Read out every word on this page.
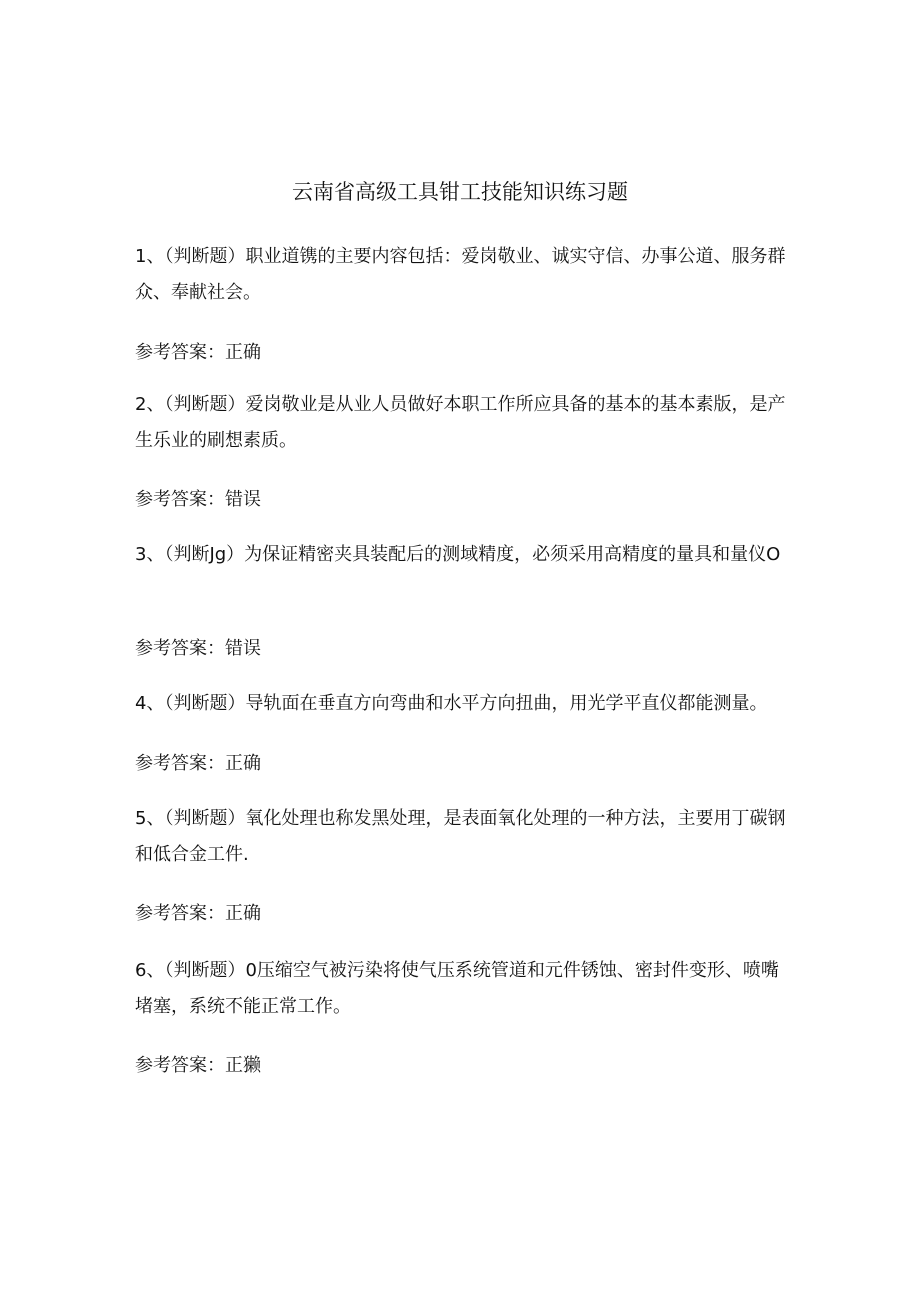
云南省高级工具钳工技能知识练习题
1、（判断题）职业道镌的主要内容包括：爱岗敬业、诚实守信、办事公道、服务群众、奉献社会。
参考答案：正确
2、（判断题）爱岗敬业是从业人员做好本职工作所应具备的基本的基本素版，是产生乐业的刷想素质。
参考答案：错误
3、（判断Jg）为保证精密夹具装配后的测域精度，必须采用高精度的量具和量仪O
参考答案：错误
4、（判断题）导轨面在垂直方向弯曲和水平方向扭曲，用光学平直仪都能测量。
参考答案：正确
5、（判断题）氧化处理也称发黑处理，是表面氧化处理的一种方法，主要用丁碳钢和低合金工件.
参考答案：正确
6、（判断题）0压缩空气被污染将使气压系统管道和元件锈蚀、密封件变形、喷嘴堵塞，系统不能正常工作。
参考答案：正獭
